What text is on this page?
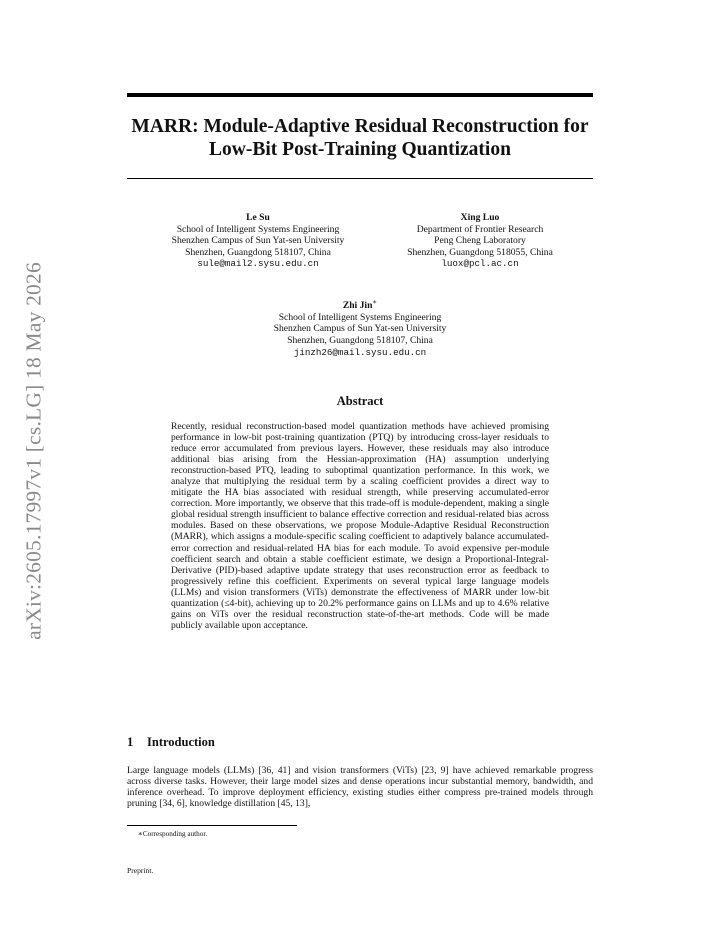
arXiv:2605.17997v1 [cs.LG] 18 May 2026
MARR: Module-Adaptive Residual Reconstruction for Low-Bit Post-Training Quantization
Le Su
School of Intelligent Systems Engineering
Shenzhen Campus of Sun Yat-sen University
Shenzhen, Guangdong 518107, China
sule@mail2.sysu.edu.cn
Xing Luo
Department of Frontier Research
Peng Cheng Laboratory
Shenzhen, Guangdong 518055, China
luox@pcl.ac.cn
Zhi Jin∗
School of Intelligent Systems Engineering
Shenzhen Campus of Sun Yat-sen University
Shenzhen, Guangdong 518107, China
jinzh26@mail.sysu.edu.cn
Abstract
Recently, residual reconstruction-based model quantization methods have achieved promising performance in low-bit post-training quantization (PTQ) by introducing cross-layer residuals to reduce error accumulated from previous layers. However, these residuals may also introduce additional bias arising from the Hessian-approximation (HA) assumption underlying reconstruction-based PTQ, leading to suboptimal quantization performance. In this work, we analyze that multiplying the residual term by a scaling coefficient provides a direct way to mitigate the HA bias associated with residual strength, while preserving accumulated-error correction. More importantly, we observe that this trade-off is module-dependent, making a single global residual strength insufficient to balance effective correction and residual-related bias across modules. Based on these observations, we propose Module-Adaptive Residual Reconstruction (MARR), which assigns a module-specific scaling coefficient to adaptively balance accumulated-error correction and residual-related HA bias for each module. To avoid expensive per-module coefficient search and obtain a stable coefficient estimate, we design a Proportional-Integral-Derivative (PID)-based adaptive update strategy that uses reconstruction error as feedback to progressively refine this coefficient. Experiments on several typical large language models (LLMs) and vision transformers (ViTs) demonstrate the effectiveness of MARR under low-bit quantization (≤4-bit), achieving up to 20.2% performance gains on LLMs and up to 4.6% relative gains on ViTs over the residual reconstruction state-of-the-art methods. Code will be made publicly available upon acceptance.
1 Introduction
Large language models (LLMs) [36, 41] and vision transformers (ViTs) [23, 9] have achieved remarkable progress across diverse tasks. However, their large model sizes and dense operations incur substantial memory, bandwidth, and inference overhead. To improve deployment efficiency, existing studies either compress pre-trained models through pruning [34, 6], knowledge distillation [45, 13],
∗Corresponding author.
Preprint.
